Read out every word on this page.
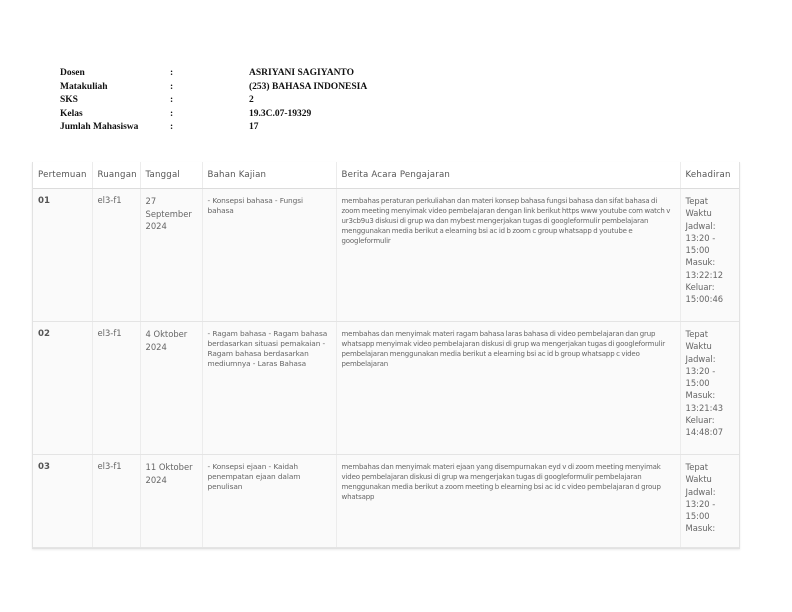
Dosen	:	ASRIYANI SAGIYANTO
Matakuliah	:	(253) BAHASA INDONESIA
SKS	:	2
Kelas	:	19.3C.07-19329
Jumlah Mahasiswa	:	17
Pertemuan	Ruangan	Tanggal	Bahan Kajian	Berita Acara Pengajaran	Kehadiran
01	el3-f1	27 September 2024	- Konsepsi bahasa - Fungsi bahasa	membahas peraturan perkuliahan dan materi konsep bahasa fungsi bahasa dan sifat bahasa di zoom meeting menyimak video pembelajaran dengan link berikut https www youtube com watch v ur3cb9u3 diskusi di grup wa dan mybest mengerjakan tugas di googleformulir pembelajaran menggunakan media berikut a elearning bsi ac id b zoom c group whatsapp d youtube e googleformulir	Tepat Waktu Jadwal: 13:20 - 15:00 Masuk: 13:22:12 Keluar: 15:00:46
02	el3-f1	4 Oktober 2024	- Ragam bahasa - Ragam bahasa berdasarkan situasi pemakaian - Ragam bahasa berdasarkan mediumnya - Laras Bahasa	membahas dan menyimak materi ragam bahasa laras bahasa di video pembelajaran dan grup whatsapp menyimak video pembelajaran diskusi di grup wa mengerjakan tugas di googleformulir pembelajaran menggunakan media berikut a elearning bsi ac id b group whatsapp c video pembelajaran	Tepat Waktu Jadwal: 13:20 - 15:00 Masuk: 13:21:43 Keluar: 14:48:07
03	el3-f1	11 Oktober 2024	- Konsepsi ejaan - Kaidah penempatan ejaan dalam penulisan	membahas dan menyimak materi ejaan yang disempurnakan eyd v di zoom meeting menyimak video pembelajaran diskusi di grup wa mengerjakan tugas di googleformulir pembelajaran menggunakan media berikut a zoom meeting b elearning bsi ac id c video pembelajaran d group whatsapp	Tepat Waktu Jadwal: 13:20 - 15:00 Masuk:
